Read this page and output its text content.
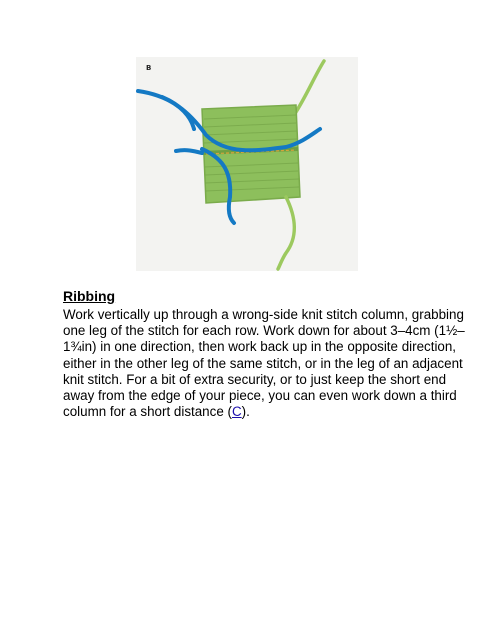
B
Ribbing
Work vertically up through a wrong-side knit stitch column, grabbing
one leg of the stitch for each row. Work down for about 3–4cm (1½–
1¾in) in one direction, then work back up in the opposite direction,
either in the other leg of the same stitch, or in the leg of an adjacent
knit stitch. For a bit of extra security, or to just keep the short end
away from the edge of your piece, you can even work down a third
column for a short distance (C).
